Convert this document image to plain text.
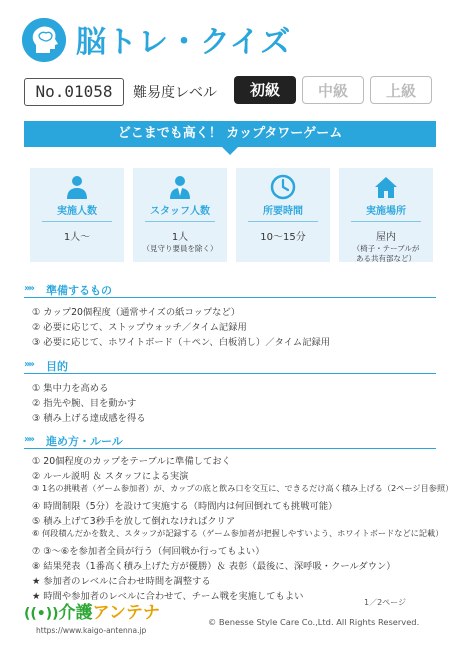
脳トレ・クイズ
No.01058	難易度レベル	初級	中級	上級
どこまでも高く！ カップタワーゲーム
実施人数
1人〜
スタッフ人数
1人
（見守り要員を除く）
所要時間
10〜15分
実施場所
屋内
（椅子・テーブルが
ある共有部など）
»» 準備するもの
① カップ20個程度（通常サイズの紙コップなど）
② 必要に応じて、ストップウォッチ／タイム記録用
③ 必要に応じて、ホワイトボード（＋ペン、白板消し）／タイム記録用
»» 目的
① 集中力を高める
② 指先や腕、目を動かす
③ 積み上げる達成感を得る
»» 進め方・ルール
① 20個程度のカップをテーブルに準備しておく
② ルール説明 ＆ スタッフによる実演
③ 1名の挑戦者（ゲーム参加者）が、カップの底と飲み口を交互に、できるだけ高く積み上げる（2ページ目参照）
④ 時間制限（5分）を設けて実施する（時間内は何回倒れても挑戦可能）
⑤ 積み上げて3秒手を放して倒れなければクリア
⑥ 何段積んだかを数え、スタッフが記録する（ゲーム参加者が把握しやすいよう、ホワイトボードなどに記載）
⑦ ③〜⑥を参加者全員が行う（何回戦か行ってもよい）
⑧ 結果発表（1番高く積み上げた方が優勝）＆ 表彰（最後に、深呼吸・クールダウン）
★ 参加者のレベルに合わせ時間を調整する
★ 時間や参加者のレベルに合わせて、チーム戦を実施してもよい
((•))介護アンテナ
https://www.kaigo-antenna.jp
1／2ページ
© Benesse Style Care Co.,Ltd. All Rights Reserved.
